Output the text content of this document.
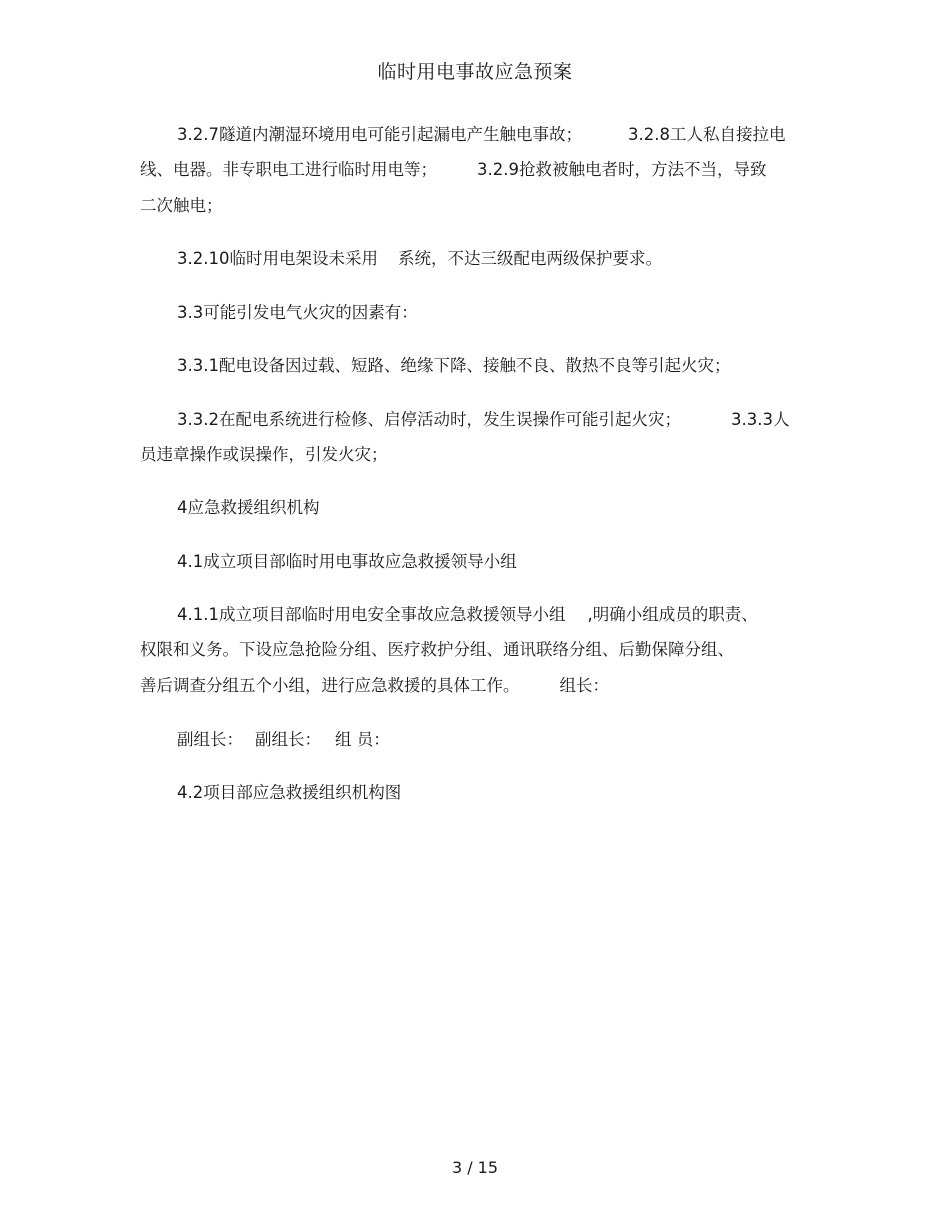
临时用电事故应急预案
3.2.7隧道内潮湿环境用电可能引起漏电产生触电事故；	3.2.8工人私自接拉电
线、电器。非专职电工进行临时用电等； 3.2.9抢救被触电者时，方法不当，导致
二次触电；
3.2.10临时用电架设未采用 系统，不达三级配电两级保护要求。
3.3可能引发电气火灾的因素有：
3.3.1配电设备因过载、短路、绝缘下降、接触不良、散热不良等引起火灾；
3.3.2在配电系统进行检修、启停活动时，发生误操作可能引起火灾；	3.3.3人
员违章操作或误操作，引发火灾；
4应急救援组织机构
4.1成立项目部临时用电事故应急救援领导小组
4.1.1成立项目部临时用电安全事故应急救援领导小组 ,明确小组成员的职责、
权限和义务。下设应急抢险分组、医疗救护分组、通讯联络分组、后勤保障分组、
善后调查分组五个小组，进行应急救援的具体工作。 组长：
副组长： 副组长： 组 员：
4.2项目部应急救援组织机构图
3 / 15
